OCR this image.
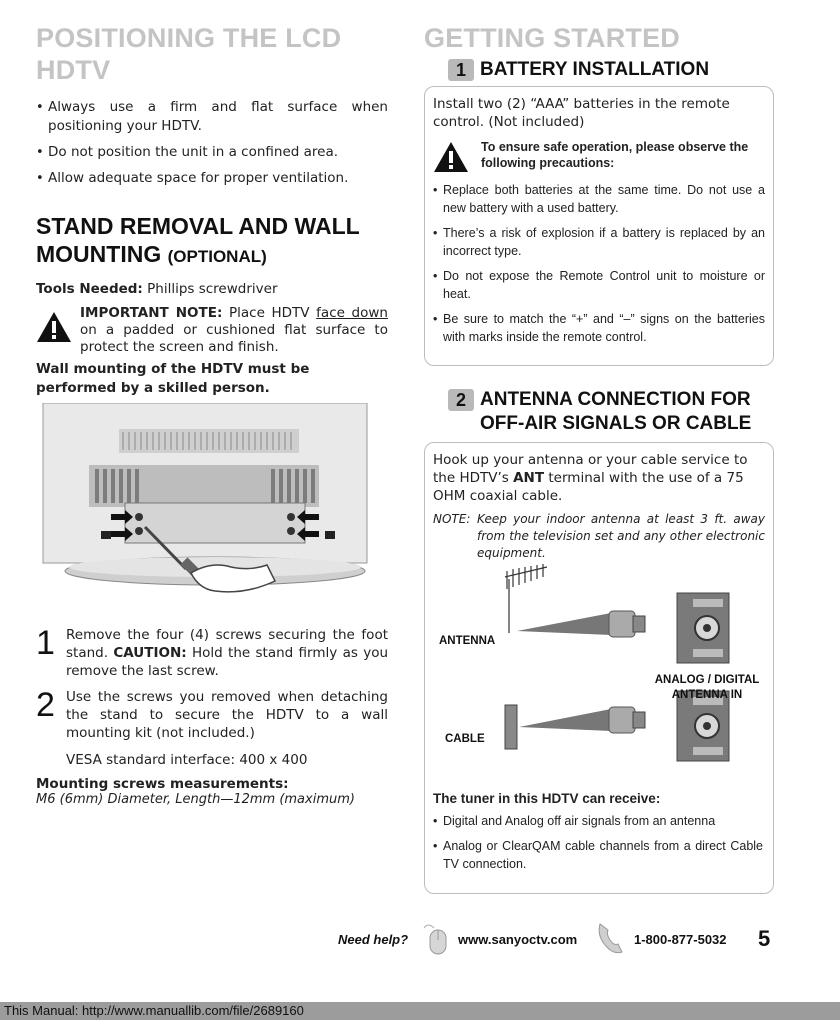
POSITIONING THE LCD HDTV
• Always use a firm and flat surface when positioning your HDTV.
• Do not position the unit in a confined area.
• Allow adequate space for proper ventilation.
STAND REMOVAL AND WALL MOUNTING (OPTIONAL)
Tools Needed: Phillips screwdriver
IMPORTANT NOTE: Place HDTV face down on a padded or cushioned flat surface to protect the screen and finish.
Wall mounting of the HDTV must be performed by a skilled person.
1 Remove the four (4) screws securing the foot stand. CAUTION: Hold the stand firmly as you remove the last screw.
2 Use the screws you removed when detaching the stand to secure the HDTV to a wall mounting kit (not included.)
VESA standard interface: 400 x 400
Mounting screws measurements:
M6 (6mm) Diameter, Length—12mm (maximum)
GETTING STARTED
1 BATTERY INSTALLATION

Install two (2) “AAA” batteries in the remote control. (Not included)

To ensure safe operation, please observe the following precautions:
• Replace both batteries at the same time. Do not use a new battery with a used battery.
• There’s a risk of explosion if a battery is replaced by an incorrect type.
• Do not expose the Remote Control unit to moisture or heat.
• Be sure to match the “+” and “–” signs on the batteries with marks inside the remote control.
2 ANTENNA CONNECTION FOR
OFF-AIR SIGNALS OR CABLE

Hook up your antenna or your cable service to the HDTV’s ANT terminal with the use of a 75 OHM coaxial cable.

NOTE: Keep your indoor antenna at least 3 ft. away from the television set and any other electronic equipment.
ANTENNA
CABLE
ANALOG / DIGITAL
ANTENNA IN
The tuner in this HDTV can receive:
• Digital and Analog off air signals from an antenna
• Analog or ClearQAM cable channels from a direct Cable TV connection.
Need help?	www.sanyoctv.com	1-800-877-5032 5
This Manual: http://www.manuallib.com/file/2689160
